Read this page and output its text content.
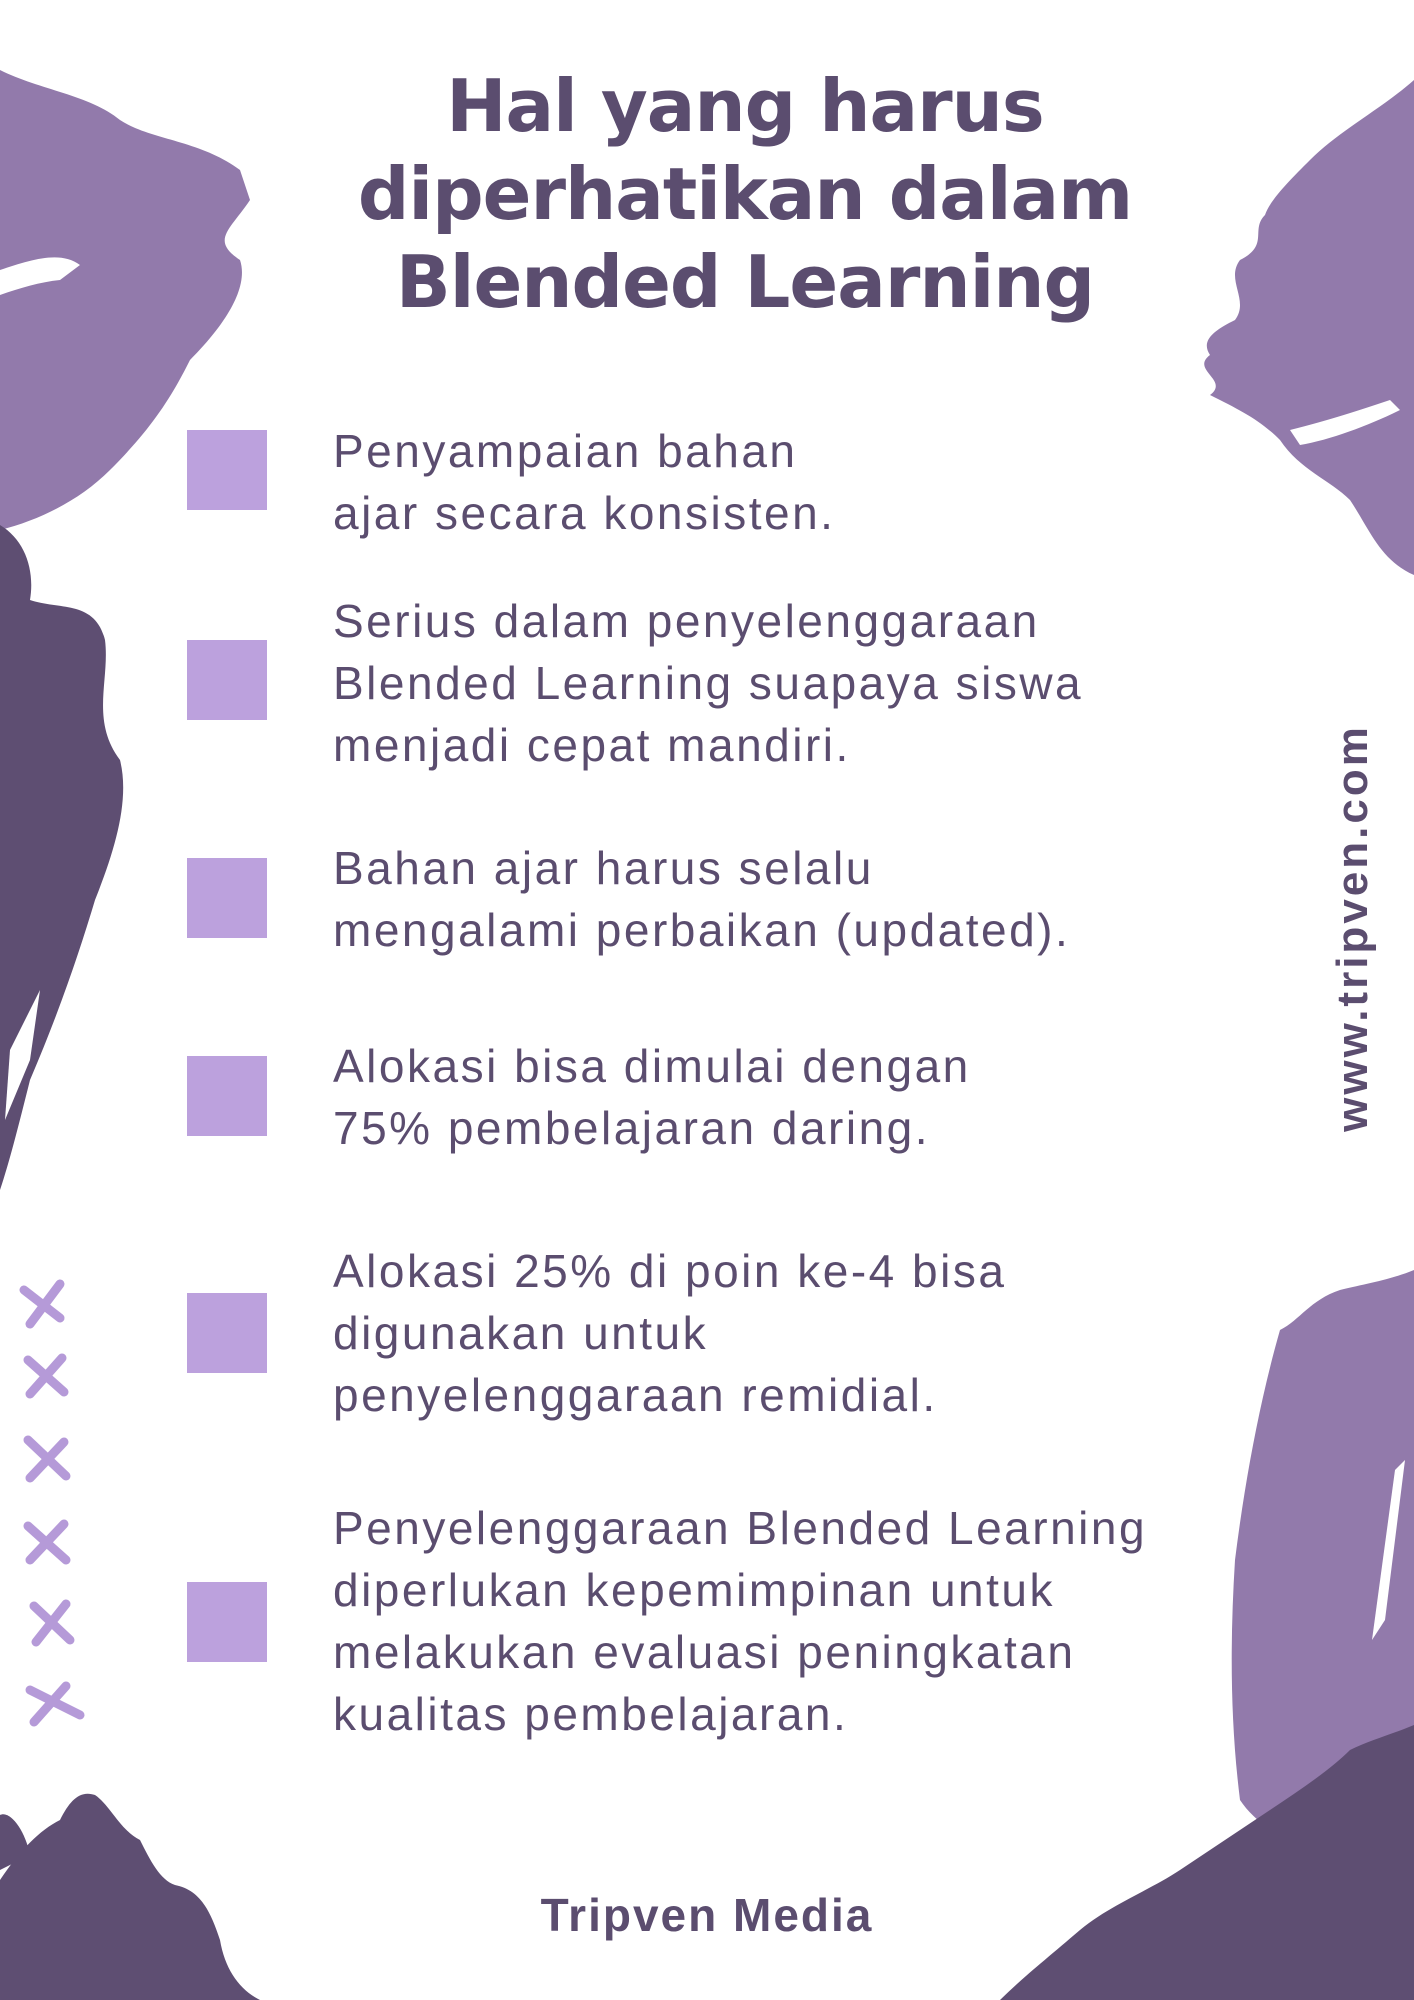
Hal yang harus
diperhatikan dalam
Blended Learning
Penyampaian bahan
ajar secara konsisten.
Serius dalam penyelenggaraan
Blended Learning suapaya siswa
menjadi cepat mandiri.
Bahan ajar harus selalu
mengalami perbaikan (updated).
Alokasi bisa dimulai dengan
75% pembelajaran daring.
Alokasi 25% di poin ke-4 bisa
digunakan untuk
penyelenggaraan remidial.
Penyelenggaraan Blended Learning
diperlukan kepemimpinan untuk
melakukan evaluasi peningkatan
kualitas pembelajaran.
www.tripven.com
Tripven Media
